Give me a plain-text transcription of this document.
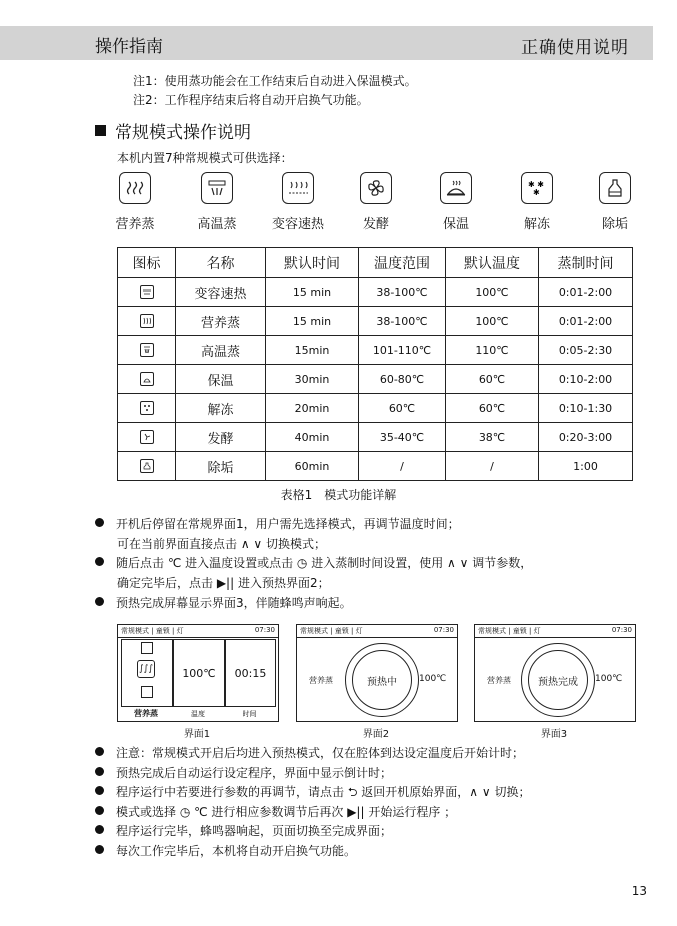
操作指南	正确使用说明
注1：使用蒸功能会在工作结束后自动进入保温模式。
注2：工作程序结束后将自动开启换气功能。
常规模式操作说明
本机内置7种常规模式可供选择：
营养蒸	高温蒸	变容速热	发酵	保温
✱ ✱
✱
解冻	除垢
图标	名称	默认时间	温度范围	默认温度	蒸制时间

	变容速热	15 min	38-100℃	100℃	0:01-2:00

	营养蒸	15 min	38-100℃	100℃	0:01-2:00

	高温蒸	15min	101-110℃	110℃	0:05-2:30

	保温	30min	60-80℃	60℃	0:10-2:00

	解冻	20min	60℃	60℃	0:10-1:30

	发酵	40min	35-40℃	38℃	0:20-3:00

	除垢	60min	/	/	1:00
表格1　模式功能详解
开机后停留在常规界面1，用户需先选择模式，再调节温度时间；
可在当前界面直接点击 ∧ ∨ 切换模式；
随后点击 ℃ 进入温度设置或点击 ◷ 进入蒸制时间设置，使用 ∧ ∨ 调节参数，
确定完毕后，点击 ▶|| 进入预热界面2；
预热完成屏幕显示界面3，伴随蜂鸣声响起。
常规模式 | 童锁 | 灯	07:30
∫∫∫	100℃ 00:15
营养蒸	温度	时间
界面1
常规模式 | 童锁 | 灯	07:30
营养蒸	预热中 100℃
界面2
常规模式 | 童锁 | 灯	07:30
营养蒸	预热完成 100℃
界面3
注意：常规模式开启后均进入预热模式，仅在腔体到达设定温度后开始计时；
预热完成后自动运行设定程序，界面中显示倒计时；
程序运行中若要进行参数的再调节，请点击 ⮌ 返回开机原始界面，∧ ∨ 切换；
模式或选择 ◷ ℃ 进行相应参数调节后再次 ▶|| 开始运行程序 ；
程序运行完毕，蜂鸣器响起，页面切换至完成界面；
每次工作完毕后，本机将自动开启换气功能。
13
